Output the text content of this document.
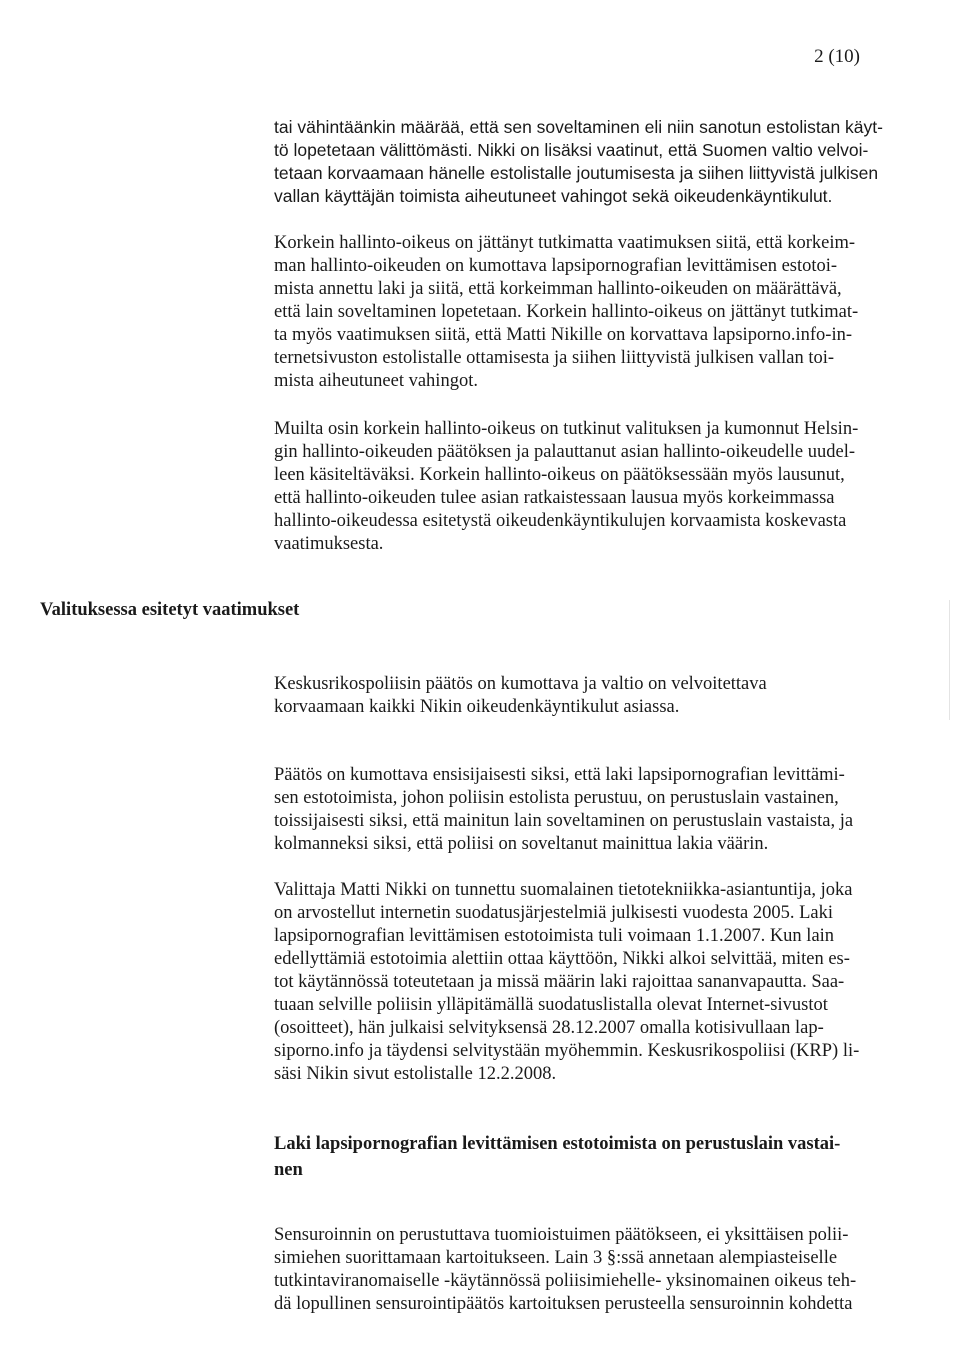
2 (10)

tai vähintäänkin määrää, että sen soveltaminen eli niin sanotun estolistan käyt-
tö lopetetaan välittömästi. Nikki on lisäksi vaatinut, että Suomen valtio velvoi-
tetaan korvaamaan hänelle estolistalle joutumisesta ja siihen liittyvistä julkisen
vallan käyttäjän toimista aiheutuneet vahingot sekä oikeudenkäyntikulut.

Korkein hallinto-oikeus on jättänyt tutkimatta vaatimuksen siitä, että korkeim-
man hallinto-oikeuden on kumottava lapsipornografian levittämisen estotoi-
mista annettu laki ja siitä, että korkeimman hallinto-oikeuden on määrättävä,
että lain soveltaminen lopetetaan. Korkein hallinto-oikeus on jättänyt tutkimat-
ta myös vaatimuksen siitä, että Matti Nikille on korvattava lapsiporno.info-in-
ternetsivuston estolistalle ottamisesta ja siihen liittyvistä julkisen vallan toi-
mista aiheutuneet vahingot.

Muilta osin korkein hallinto-oikeus on tutkinut valituksen ja kumonnut Helsin-
gin hallinto-oikeuden päätöksen ja palauttanut asian hallinto-oikeudelle uudel-
leen käsiteltäväksi. Korkein hallinto-oikeus on päätöksessään myös lausunut,
että hallinto-oikeuden tulee asian ratkaistessaan lausua myös korkeimmassa
hallinto-oikeudessa esitetystä oikeudenkäyntikulujen korvaamista koskevasta
vaatimuksesta.

Valituksessa esitetyt vaatimukset

Keskusrikospoliisin päätös on kumottava ja valtio on velvoitettava
korvaamaan kaikki Nikin oikeudenkäyntikulut asiassa.

Päätös on kumottava ensisijaisesti siksi, että laki lapsipornografian levittämi-
sen estotoimista, johon poliisin estolista perustuu, on perustuslain vastainen,
toissijaisesti siksi, että mainitun lain soveltaminen on perustuslain vastaista, ja
kolmanneksi siksi, että poliisi on soveltanut mainittua lakia väärin.

Valittaja Matti Nikki on tunnettu suomalainen tietotekniikka-asiantuntija, joka
on arvostellut internetin suodatusjärjestelmiä julkisesti vuodesta 2005. Laki
lapsipornografian levittämisen estotoimista tuli voimaan 1.1.2007. Kun lain
edellyttämiä estotoimia alettiin ottaa käyttöön, Nikki alkoi selvittää, miten es-
tot käytännössä toteutetaan ja missä määrin laki rajoittaa sananvapautta. Saa-
tuaan selville poliisin ylläpitämällä suodatuslistalla olevat Internet-sivustot
(osoitteet), hän julkaisi selvityksensä 28.12.2007 omalla kotisivullaan lap-
siporno.info ja täydensi selvitystään myöhemmin. Keskusrikospoliisi (KRP) li-
säsi Nikin sivut estolistalle 12.2.2008.

Laki lapsipornografian levittämisen estotoimista on perustuslain vastai-
nen

Sensuroinnin on perustuttava tuomioistuimen päätökseen, ei yksittäisen polii-
simiehen suorittamaan kartoitukseen. Lain 3 §:ssä annetaan alempiasteiselle
tutkintaviranomaiselle -käytännössä poliisimiehelle- yksinomainen oikeus teh-
dä lopullinen sensurointipäätös kartoituksen perusteella sensuroinnin kohdetta
